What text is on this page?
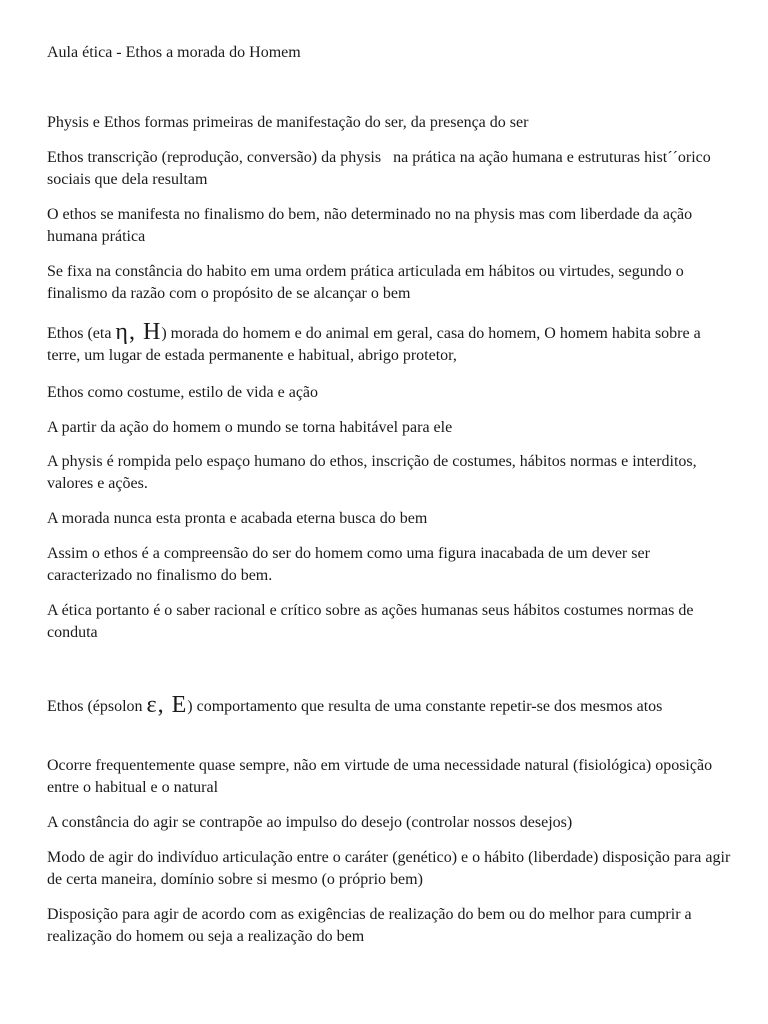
Aula ética - Ethos a morada do Homem

Physis e Ethos formas primeiras de manifestação do ser, da presença do ser

Ethos transcrição (reprodução, conversão) da physis   na prática na ação humana e estruturas hist´´orico sociais que dela resultam

O ethos se manifesta no finalismo do bem, não determinado no na physis mas com liberdade da ação humana prática

Se fixa na constância do habito em uma ordem prática articulada em hábitos ou virtudes, segundo o finalismo da razão com o propósito de se alcançar o bem

Ethos (eta η, H) morada do homem e do animal em geral, casa do homem, O homem habita sobre a terre, um lugar de estada permanente e habitual, abrigo protetor,

Ethos como costume, estilo de vida e ação

A partir da ação do homem o mundo se torna habitável para ele

A physis é rompida pelo espaço humano do ethos, inscrição de costumes, hábitos normas e interditos, valores e ações.

A morada nunca esta pronta e acabada eterna busca do bem

Assim o ethos é a compreensão do ser do homem como uma figura inacabada de um dever ser caracterizado no finalismo do bem.

A ética portanto é o saber racional e crítico sobre as ações humanas seus hábitos costumes normas de conduta

Ethos (épsolon ε, E) comportamento que resulta de uma constante repetir-se dos mesmos atos

Ocorre frequentemente quase sempre, não em virtude de uma necessidade natural (fisiológica) oposição entre o habitual e o natural

A constância do agir se contrapõe ao impulso do desejo (controlar nossos desejos)

Modo de agir do indivíduo articulação entre o caráter (genético) e o hábito (liberdade) disposição para agir de certa maneira, domínio sobre si mesmo (o próprio bem)

Disposição para agir de acordo com as exigências de realização do bem ou do melhor para cumprir a realização do homem ou seja a realização do bem
